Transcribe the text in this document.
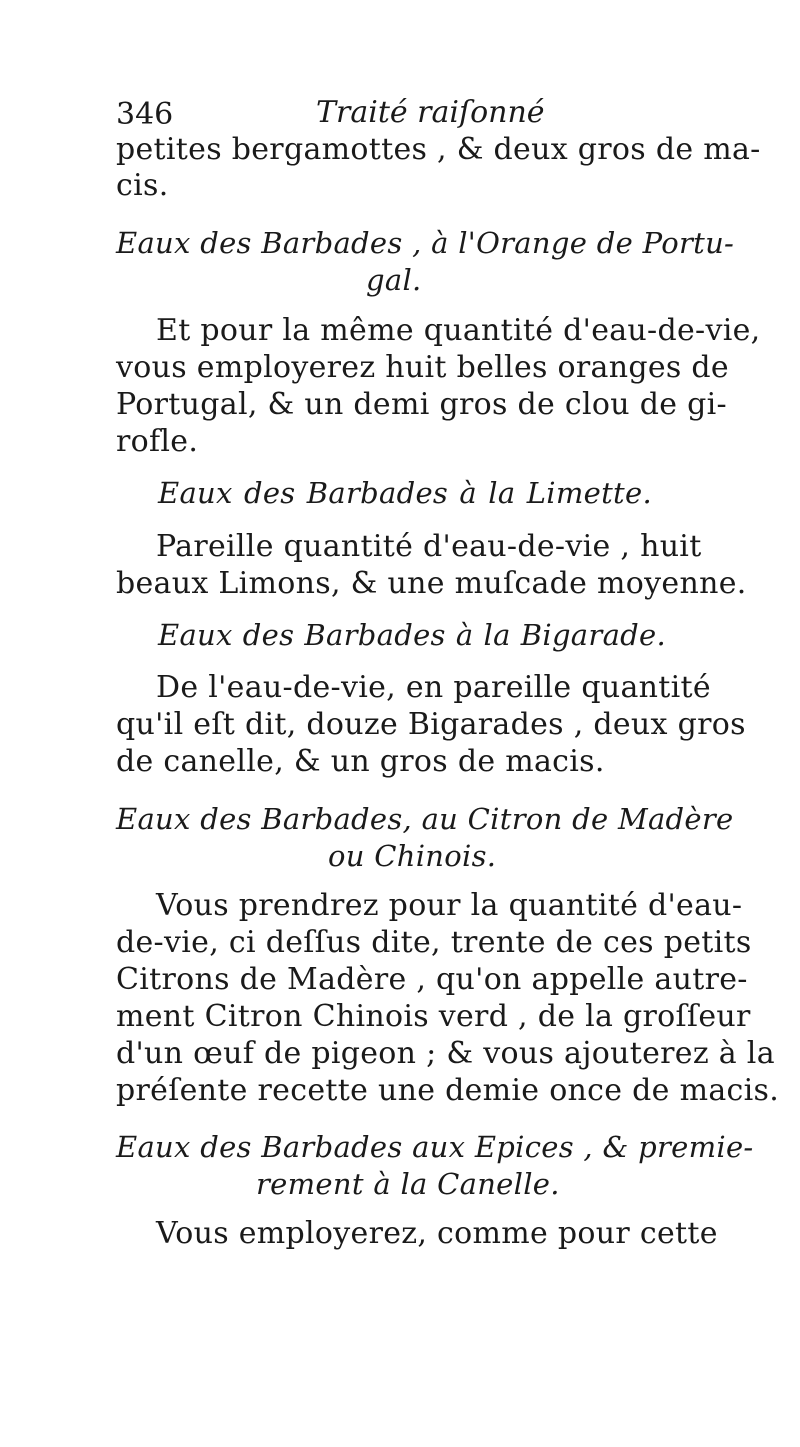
346	Traité raiſonné
petites bergamottes , & deux gros de ma-
cis.
Eaux des Barbades , à l'Orange de Portu-
gal.
Et pour la même quantité d'eau-de-vie,
vous employerez huit belles oranges de
Portugal, & un demi gros de clou de gi-
rofle.
Eaux des Barbades à la Limette.
Pareille quantité d'eau-de-vie , huit
beaux Limons, & une muſcade moyenne.
Eaux des Barbades à la Bigarade.
De l'eau-de-vie, en pareille quantité
qu'il eſt dit, douze Bigarades , deux gros
de canelle, & un gros de macis.
Eaux des Barbades, au Citron de Madère
ou Chinois.
Vous prendrez pour la quantité d'eau-
de-vie, ci deſſus dite, trente de ces petits
Citrons de Madère , qu'on appelle autre-
ment Citron Chinois verd , de la groſſeur
d'un œuf de pigeon ; & vous ajouterez à la
préſente recette une demie once de macis.
Eaux des Barbades aux Epices , & premie-
rement à la Canelle.
Vous employerez, comme pour cette
